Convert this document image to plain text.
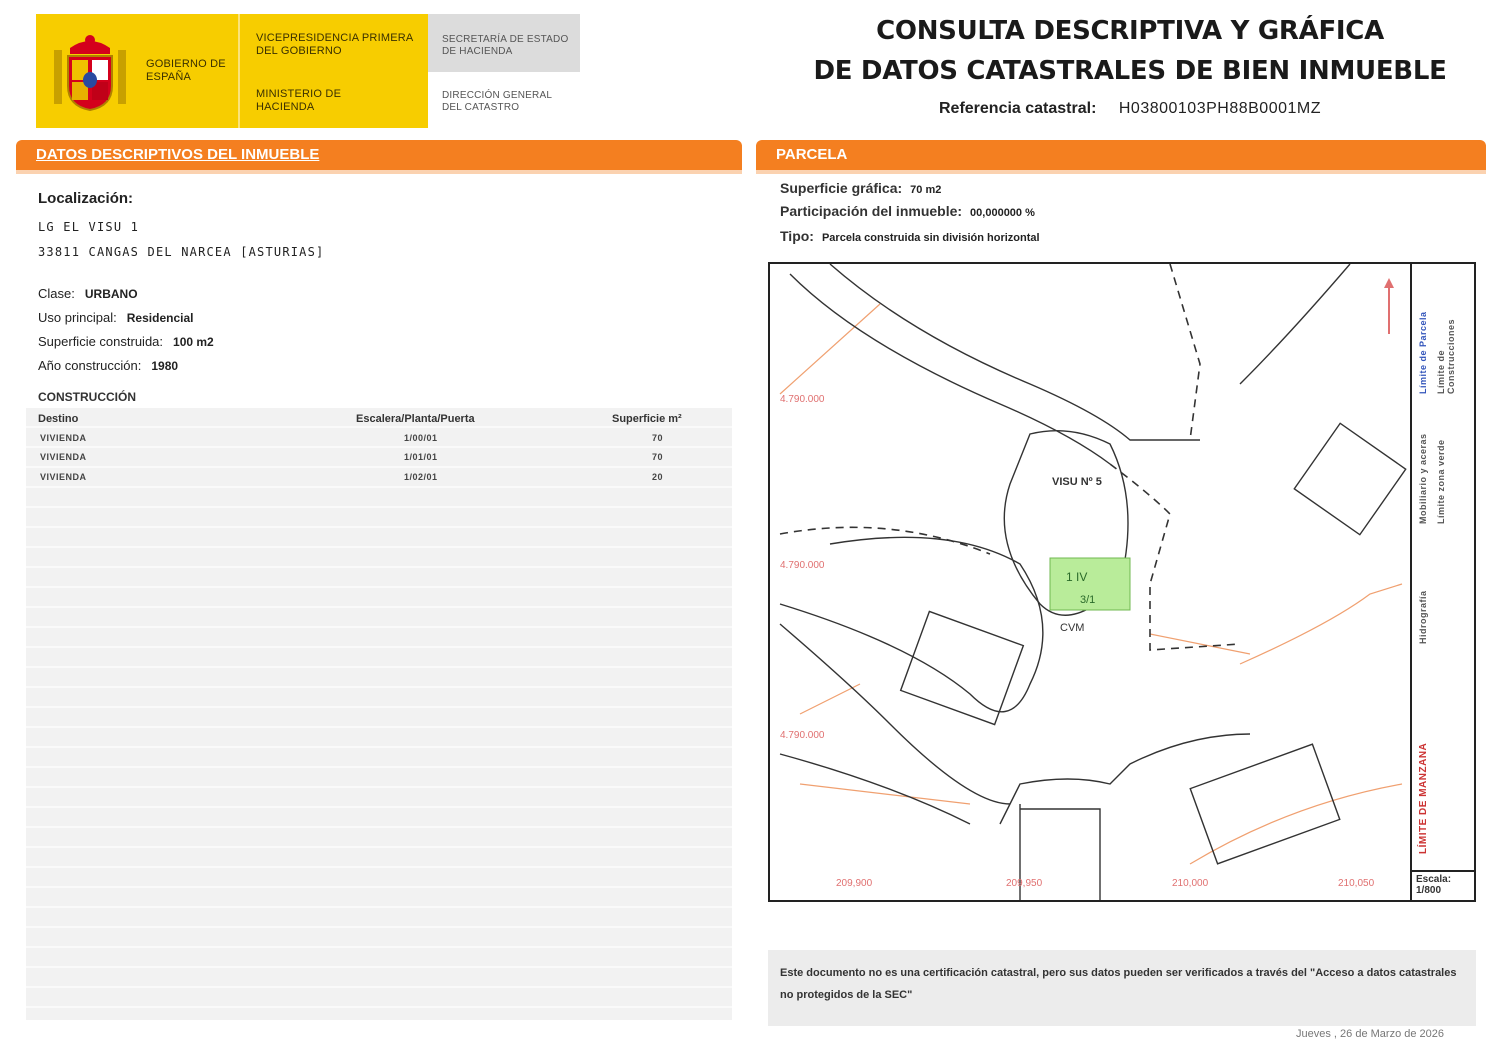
GOBIERNO DE ESPAÑA
VICEPRESIDENCIA PRIMERA DEL GOBIERNO
MINISTERIO DE HACIENDA
SECRETARÍA DE ESTADO DE HACIENDA
DIRECCIÓN GENERAL DEL CATASTRO
CONSULTA DESCRIPTIVA Y GRÁFICA
DE DATOS CATASTRALES DE BIEN INMUEBLE
Referencia catastral: H03800103PH88B0001MZ
DATOS DESCRIPTIVOS DEL INMUEBLE
Localización:
LG EL VISU 1
33811 CANGAS DEL NARCEA [ASTURIAS]
Clase: URBANO
Uso principal: Residencial
Superficie construida: 100 m2
Año construcción: 1980
CONSTRUCCIÓN
Destino	Escalera/Planta/Puerta	Superficie m²
VIVIENDA	1/00/01	70
VIVIENDA	1/01/01	70
VIVIENDA	1/02/01	20
PARCELA
Superficie gráfica: 70 m2
Participación del inmueble: 00,000000 %
Tipo: Parcela construida sin división horizontal
VISU Nº 5
1 IV
3/1
CVM
4.790.000
4.790.000
4.790.000
209,900	209,950	210,000	210,050
Límite de Parcela Límite de Construcciones
Mobiliario y aceras Límite zona verde
Hidrografía
LÍMITE DE MANZANA
Escala:
1/800
Este documento no es una certificación catastral, pero sus datos pueden ser verificados a través del "Acceso a datos catastrales no protegidos de la SEC"
Jueves , 26 de Marzo de 2026
